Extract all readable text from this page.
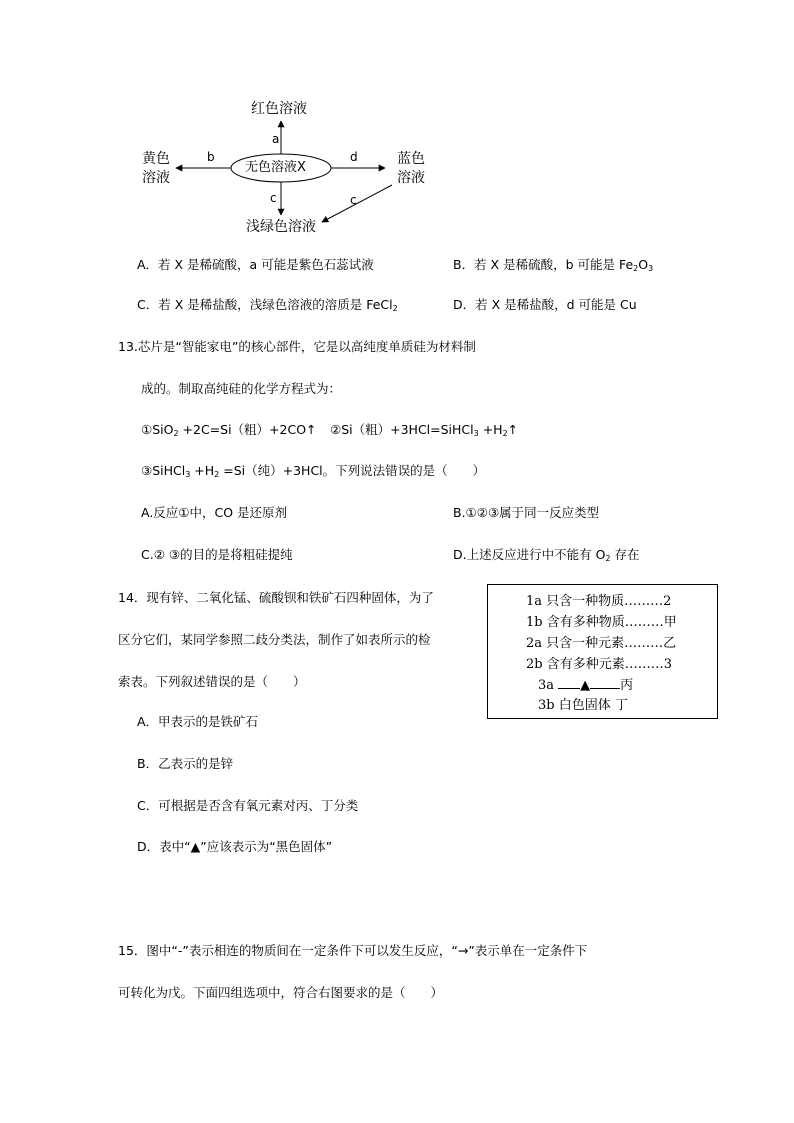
红色溶液
黄色
溶液
蓝色
溶液
无色溶液X
浅绿色溶液
a
b	d
c	c
A．若 X 是稀硫酸，a 可能是紫色石蕊试液	B．若 X 是稀硫酸，b 可能是 $Fe_2O_3$
C．若 X 是稀盐酸，浅绿色溶液的溶质是 FeCl$_2$	D．若 X 是稀盐酸，d 可能是 Cu
13.芯片是“智能家电”的核心部件，它是以高纯度单质硅为材料制
成的。制取高纯硅的化学方程式为：
①SiO$_2$ +2C=Si（粗）+2CO↑ ②Si（粗）+3HCl=SiHCl$_3$ $+H_2↑$
③SiHCl$_3$ $+H_2 =Si$（纯）+3HCl。下列说法错误的是（　　）
A.反应①中，CO 是还原剂	B.①②③属于同一反应类型
C.② ③的目的是将粗硅提纯	D.上述反应进行中不能有 $O_2$ 存在
14．现有锌、二氧化锰、硫酸钡和铁矿石四种固体，为了
区分它们，某同学参照二歧分类法，制作了如表所示的检
索表。下列叙述错误的是（　　）
A．甲表示的是铁矿石
B．乙表示的是锌
C．可根据是否含有氧元素对丙、丁分类
D．表中“▲”应该表示为“黑色固体”
1a 只含一种物质………2
1b 含有多种物质………甲
2a 只含一种元素………乙
2b 含有多种元素………3
3a ▲ 丙
3b 白色固体 丁
15．图中“-”表示相连的物质间在一定条件下可以发生反应，“→”表示单在一定条件下
可转化为戊。下面四组选项中，符合右图要求的是（　　）
